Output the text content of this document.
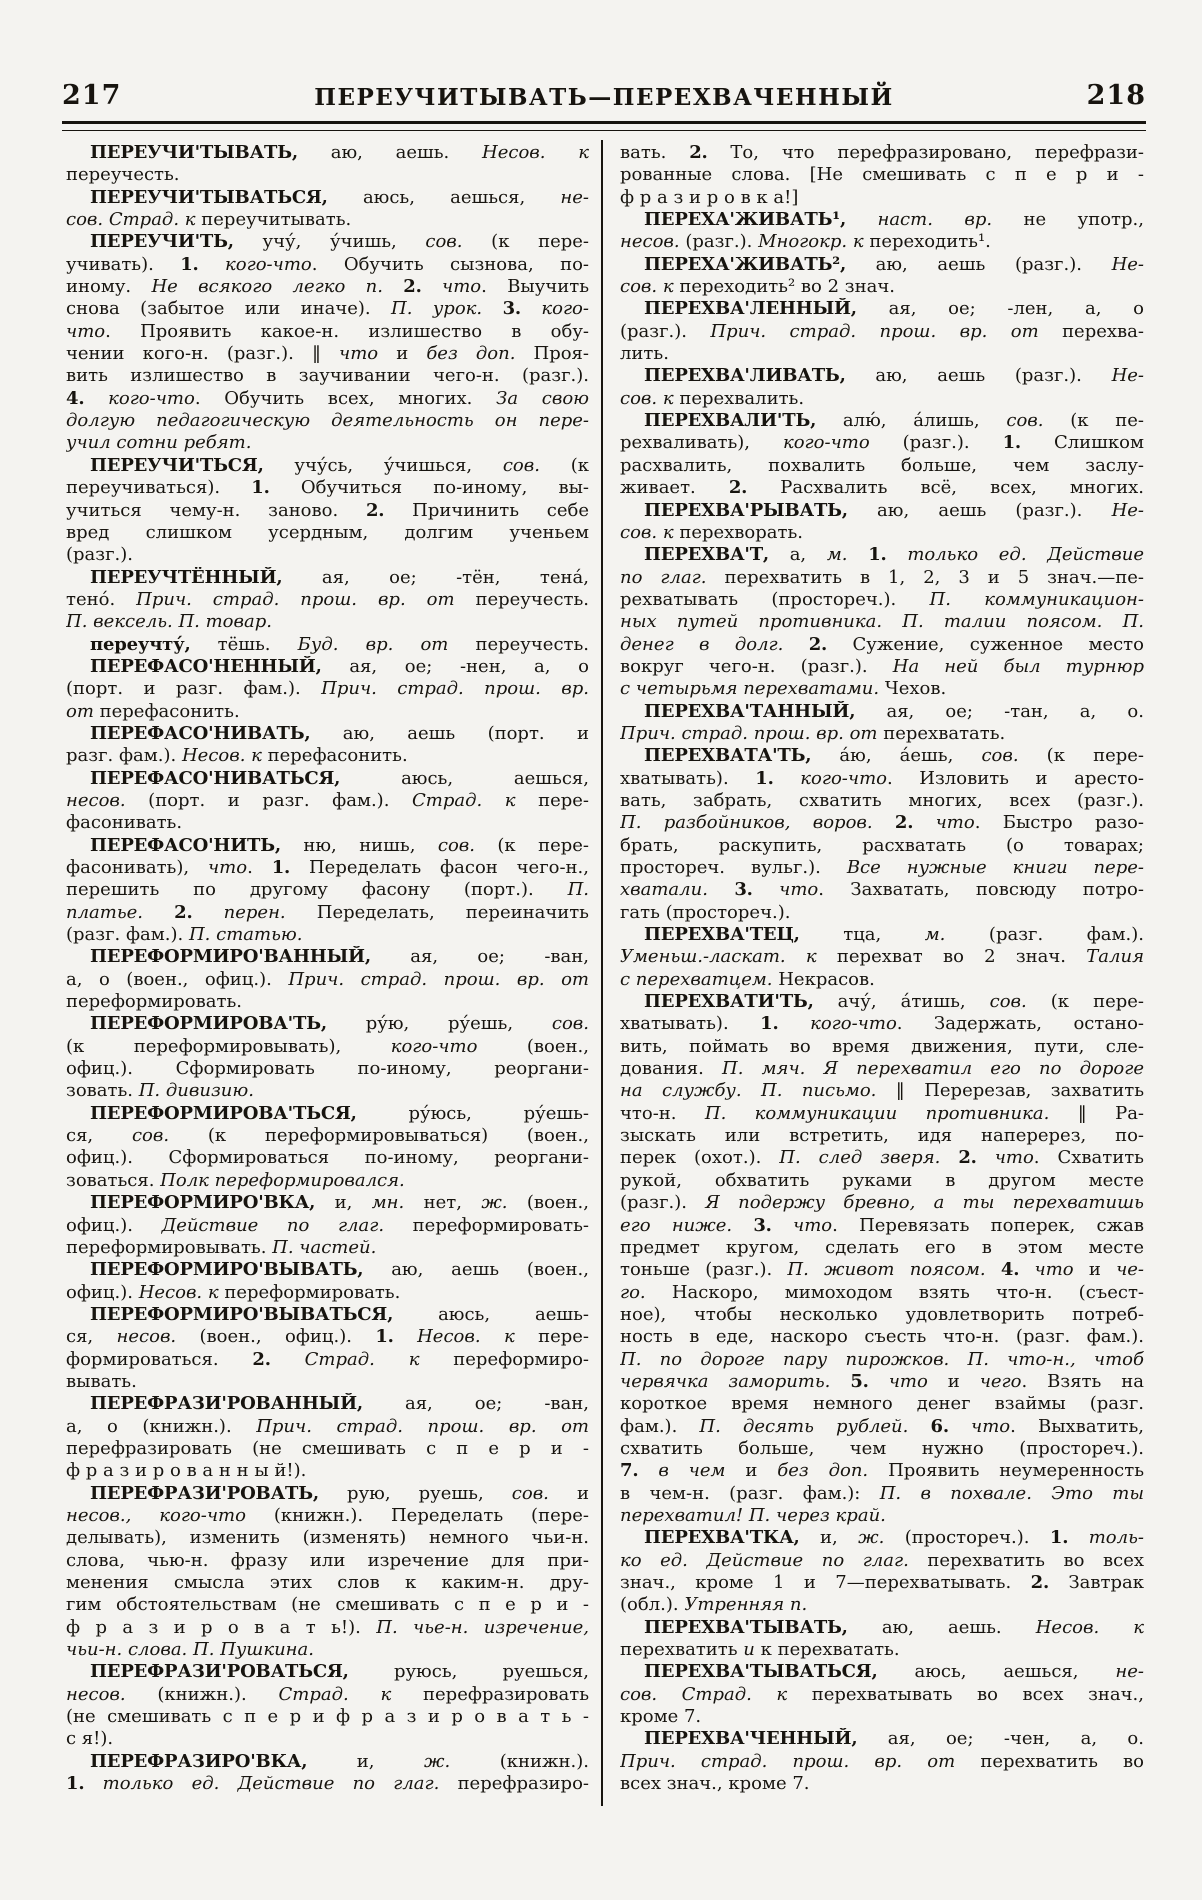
217	ПЕРЕУЧИТЫВАТЬ—ПЕРЕХВАЧЕННЫЙ	218
ПЕРЕУЧИ'ТЫВАТЬ, аю, аешь. Несов. к
переучесть.
ПЕРЕУЧИ'ТЫВАТЬСЯ, аюсь, аешься, не-
сов. Страд. к переучитывать.
ПЕРЕУЧИ'ТЬ, учу́, у́чишь, сов. (к пере-
учивать). 1. кого-что. Обучить сызнова, по-
иному. Не всякого легко п. 2. что. Выучить
снова (забытое или иначе). П. урок. 3. кого-
что. Проявить какое-н. излишество в обу-
чении кого-н. (разг.). ‖ что и без доп. Проя-
вить излишество в заучивании чего-н. (разг.).
4. кого-что. Обучить всех, многих. За свою
долгую педагогическую деятельность он пере-
учил сотни ребят.
ПЕРЕУЧИ'ТЬСЯ, учу́сь, у́чишься, сов. (к
переучиваться). 1. Обучиться по-иному, вы-
учиться чему-н. заново. 2. Причинить себе
вред слишком усердным, долгим ученьем
(разг.).
ПЕРЕУЧТЁННЫЙ, ая, ое; -тён, тена́,
тено́. Прич. страд. прош. вр. от переучесть.
П. вексель. П. товар.
переучту́, тёшь. Буд. вр. от переучесть.
ПЕРЕФАСО'НЕННЫЙ, ая, ое; -нен, а, о
(порт. и разг. фам.). Прич. страд. прош. вр.
от перефасонить.
ПЕРЕФАСО'НИВАТЬ, аю, аешь (порт. и
разг. фам.). Несов. к перефасонить.
ПЕРЕФАСО'НИВАТЬСЯ, аюсь, аешься,
несов. (порт. и разг. фам.). Страд. к пере-
фасонивать.
ПЕРЕФАСО'НИТЬ, ню, нишь, сов. (к пере-
фасонивать), что. 1. Переделать фасон чего-н.,
перешить по другому фасону (порт.). П.
платье. 2. перен. Переделать, переиначить
(разг. фам.). П. статью.
ПЕРЕФОРМИРО'ВАННЫЙ, ая, ое; -ван,
а, о (воен., офиц.). Прич. страд. прош. вр. от
переформировать.
ПЕРЕФОРМИРОВА'ТЬ, ру́ю, ру́ешь, сов.
(к переформировывать), кого-что (воен.,
офиц.). Сформировать по-иному, реоргани-
зовать. П. дивизию.
ПЕРЕФОРМИРОВА'ТЬСЯ, ру́юсь, ру́ешь-
ся, сов. (к переформировываться) (воен.,
офиц.). Сформироваться по-иному, реоргани-
зоваться. Полк переформировался.
ПЕРЕФОРМИРО'ВКА, и, мн. нет, ж. (воен.,
офиц.). Действие по глаг. переформировать-
переформировывать. П. частей.
ПЕРЕФОРМИРО'ВЫВАТЬ, аю, аешь (воен.,
офиц.). Несов. к переформировать.
ПЕРЕФОРМИРО'ВЫВАТЬСЯ, аюсь, аешь-
ся, несов. (воен., офиц.). 1. Несов. к пере-
формироваться. 2. Страд. к переформиро-
вывать.
ПЕРЕФРАЗИ'РОВАННЫЙ, ая, ое; -ван,
а, о (книжн.). Прич. страд. прош. вр. от
перефразировать (не смешивать с п е р и -
ф р а з и р о в а н н ы й!).
ПЕРЕФРАЗИ'РОВАТЬ, рую, руешь, сов. и
несов., кого-что (книжн.). Переделать (пере-
делывать), изменить (изменять) немного чьи-н.
слова, чью-н. фразу или изречение для при-
менения смысла этих слов к каким-н. дру-
гим обстоятельствам (не смешивать с п е р и -
ф р а з и р о в а т ь!). П. чье-н. изречение,
чьи-н. слова. П. Пушкина.
ПЕРЕФРАЗИ'РОВАТЬСЯ, руюсь, руешься,
несов. (книжн.). Страд. к перефразировать
(не смешивать с п е р и ф р а з и р о в а т ь -
с я!).
ПЕРЕФРАЗИРО'ВКА, и, ж. (книжн.).
1. только ед. Действие по глаг. перефразиро-
вать. 2. То, что перефразировано, перефрази-
рованные слова. [Не смешивать с п е р и -
ф р а з и р о в к а!]
ПЕРЕХА'ЖИВАТЬ¹, наст. вр. не употр.,
несов. (разг.). Многокр. к переходить¹.
ПЕРЕХА'ЖИВАТЬ², аю, аешь (разг.). Не-
сов. к переходить² во 2 знач.
ПЕРЕХВА'ЛЕННЫЙ, ая, ое; -лен, а, о
(разг.). Прич. страд. прош. вр. от перехва-
лить.
ПЕРЕХВА'ЛИВАТЬ, аю, аешь (разг.). Не-
сов. к перехвалить.
ПЕРЕХВАЛИ'ТЬ, алю́, а́лишь, сов. (к пе-
рехваливать), кого-что (разг.). 1. Слишком
расхвалить, похвалить больше, чем заслу-
живает. 2. Расхвалить всё, всех, многих.
ПЕРЕХВА'РЫВАТЬ, аю, аешь (разг.). Не-
сов. к перехворать.
ПЕРЕХВА'Т, а, м. 1. только ед. Действие
по глаг. перехватить в 1, 2, 3 и 5 знач.—пе-
рехватывать (простореч.). П. коммуникацион-
ных путей противника. П. талии поясом. П.
денег в долг. 2. Сужение, суженное место
вокруг чего-н. (разг.). На ней был турнюр
с четырьмя перехватами. Чехов.
ПЕРЕХВА'ТАННЫЙ, ая, ое; -тан, а, о.
Прич. страд. прош. вр. от перехватать.
ПЕРЕХВАТА'ТЬ, а́ю, а́ешь, сов. (к пере-
хватывать). 1. кого-что. Изловить и аресто-
вать, забрать, схватить многих, всех (разг.).
П. разбойников, воров. 2. что. Быстро разо-
брать, раскупить, расхватать (о товарах;
простореч. вульг.). Все нужные книги пере-
хватали. 3. что. Захватать, повсюду потро-
гать (простореч.).
ПЕРЕХВА'ТЕЦ, тца, м. (разг. фам.).
Уменьш.-ласкат. к перехват во 2 знач. Талия
с перехватцем. Некрасов.
ПЕРЕХВАТИ'ТЬ, ачу́, а́тишь, сов. (к пере-
хватывать). 1. кого-что. Задержать, остано-
вить, поймать во время движения, пути, сле-
дования. П. мяч. Я перехватил его по дороге
на службу. П. письмо. ‖ Перерезав, захватить
что-н. П. коммуникации противника. ‖ Ра-
зыскать или встретить, идя наперерез, по-
перек (охот.). П. след зверя. 2. что. Схватить
рукой, обхватить руками в другом месте
(разг.). Я подержу бревно, а ты перехватишь
его ниже. 3. что. Перевязать поперек, сжав
предмет кругом, сделать его в этом месте
тоньше (разг.). П. живот поясом. 4. что и че-
го. Наскоро, мимоходом взять что-н. (съест-
ное), чтобы несколько удовлетворить потреб-
ность в еде, наскоро съесть что-н. (разг. фам.).
П. по дороге пару пирожков. П. что-н., чтоб
червячка заморить. 5. что и чего. Взять на
короткое время немного денег взаймы (разг.
фам.). П. десять рублей. 6. что. Выхватить,
схватить больше, чем нужно (простореч.).
7. в чем и без доп. Проявить неумеренность
в чем-н. (разг. фам.): П. в похвале. Это ты
перехватил! П. через край.
ПЕРЕХВА'ТКА, и, ж. (простореч.). 1. толь-
ко ед. Действие по глаг. перехватить во всех
знач., кроме 1 и 7—перехватывать. 2. Завтрак
(обл.). Утренняя п.
ПЕРЕХВА'ТЫВАТЬ, аю, аешь. Несов. к
перехватить и к перехватать.
ПЕРЕХВА'ТЫВАТЬСЯ, аюсь, аешься, не-
сов. Страд. к перехватывать во всех знач.,
кроме 7.
ПЕРЕХВА'ЧЕННЫЙ, ая, ое; -чен, а, о.
Прич. страд. прош. вр. от перехватить во
всех знач., кроме 7.
